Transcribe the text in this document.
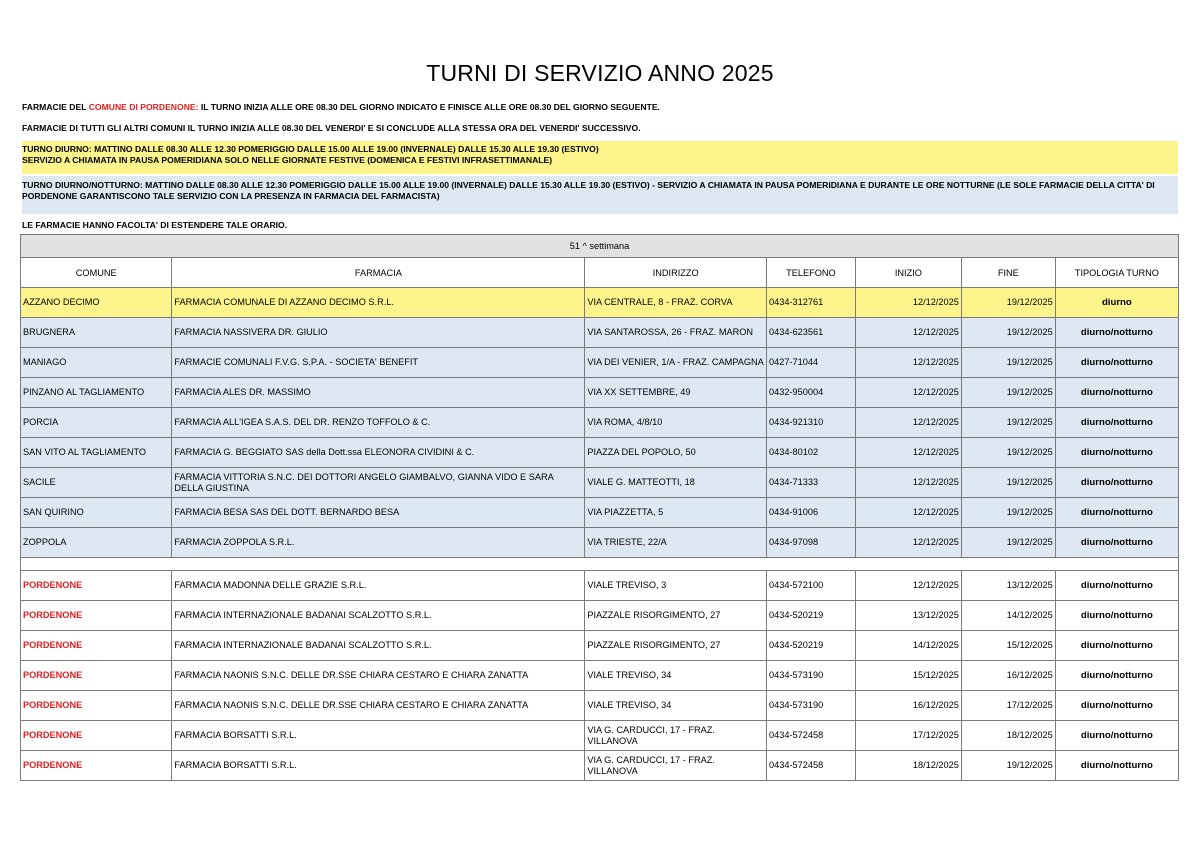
TURNI DI SERVIZIO ANNO 2025
FARMACIE DEL COMUNE DI PORDENONE: IL TURNO INIZIA ALLE ORE 08.30 DEL GIORNO INDICATO E FINISCE ALLE ORE 08.30 DEL GIORNO SEGUENTE.
FARMACIE DI TUTTI GLI ALTRI COMUNI IL TURNO INIZIA ALLE 08.30 DEL VENERDI' E SI CONCLUDE ALLA STESSA ORA DEL VENERDI' SUCCESSIVO.
TURNO DIURNO: MATTINO DALLE 08.30 ALLE 12.30 POMERIGGIO DALLE 15.00 ALLE 19.00 (INVERNALE) DALLE 15.30 ALLE 19.30 (ESTIVO)
SERVIZIO A CHIAMATA IN PAUSA POMERIDIANA SOLO NELLE GIORNATE FESTIVE (DOMENICA E FESTIVI INFRASETTIMANALE)
TURNO DIURNO/NOTTURNO: MATTINO DALLE 08.30 ALLE 12.30 POMERIGGIO DALLE 15.00 ALLE 19.00 (INVERNALE) DALLE 15.30 ALLE 19.30 (ESTIVO) - SERVIZIO A CHIAMATA IN PAUSA POMERIDIANA E DURANTE LE ORE NOTTURNE (LE SOLE FARMACIE DELLA CITTA' DI PORDENONE GARANTISCONO TALE SERVIZIO CON LA PRESENZA IN FARMACIA DEL FARMACISTA)
LE FARMACIE HANNO FACOLTA' DI ESTENDERE TALE ORARIO.
51 ^ settimana						
COMUNE	FARMACIA	INDIRIZZO	TELEFONO	INIZIO	FINE	TIPOLOGIA TURNO
AZZANO DECIMO	FARMACIA COMUNALE DI AZZANO DECIMO S.R.L.	VIA CENTRALE, 8 - FRAZ. CORVA	0434-312761	12/12/2025	19/12/2025	diurno
BRUGNERA	FARMACIA NASSIVERA DR. GIULIO	VIA SANTAROSSA, 26 - FRAZ. MARON	0434-623561	12/12/2025	19/12/2025	diurno/notturno
MANIAGO	FARMACIE COMUNALI F.V.G. S.P.A. - SOCIETA' BENEFIT	VIA DEI VENIER, 1/A - FRAZ. CAMPAGNA	0427-71044	12/12/2025	19/12/2025	diurno/notturno
PINZANO AL TAGLIAMENTO	FARMACIA ALES DR. MASSIMO	VIA XX SETTEMBRE, 49	0432-950004	12/12/2025	19/12/2025	diurno/notturno
PORCIA	FARMACIA ALL'IGEA S.A.S. DEL DR. RENZO TOFFOLO & C.	VIA ROMA, 4/8/10	0434-921310	12/12/2025	19/12/2025	diurno/notturno
SAN VITO AL TAGLIAMENTO	FARMACIA G. BEGGIATO SAS della Dott.ssa ELEONORA CIVIDINI & C.	PIAZZA DEL POPOLO, 50	0434-80102	12/12/2025	19/12/2025	diurno/notturno
SACILE	FARMACIA VITTORIA S.N.C. DEI DOTTORI ANGELO GIAMBALVO, GIANNA VIDO E SARA DELLA GIUSTINA	VIALE G. MATTEOTTI, 18	0434-71333	12/12/2025	19/12/2025	diurno/notturno
SAN QUIRINO	FARMACIA BESA SAS DEL DOTT. BERNARDO BESA	VIA PIAZZETTA, 5	0434-91006	12/12/2025	19/12/2025	diurno/notturno
ZOPPOLA	FARMACIA ZOPPOLA S.R.L.	VIA TRIESTE, 22/A	0434-97098	12/12/2025	19/12/2025	diurno/notturno

PORDENONE	FARMACIA MADONNA DELLE GRAZIE S.R.L.	VIALE TREVISO, 3	0434-572100	12/12/2025	13/12/2025	diurno/notturno
PORDENONE	FARMACIA INTERNAZIONALE BADANAI SCALZOTTO S.R.L.	PIAZZALE RISORGIMENTO, 27	0434-520219	13/12/2025	14/12/2025	diurno/notturno
PORDENONE	FARMACIA INTERNAZIONALE BADANAI SCALZOTTO S.R.L.	PIAZZALE RISORGIMENTO, 27	0434-520219	14/12/2025	15/12/2025	diurno/notturno
PORDENONE	FARMACIA NAONIS S.N.C. DELLE DR.SSE CHIARA CESTARO E CHIARA ZANATTA	VIALE TREVISO, 34	0434-573190	15/12/2025	16/12/2025	diurno/notturno
PORDENONE	FARMACIA NAONIS S.N.C. DELLE DR.SSE CHIARA CESTARO E CHIARA ZANATTA	VIALE TREVISO, 34	0434-573190	16/12/2025	17/12/2025	diurno/notturno
PORDENONE	FARMACIA BORSATTI S.R.L.	VIA G. CARDUCCI, 17 - FRAZ. VILLANOVA	0434-572458	17/12/2025	18/12/2025	diurno/notturno
PORDENONE	FARMACIA BORSATTI S.R.L.	VIA G. CARDUCCI, 17 - FRAZ. VILLANOVA	0434-572458	18/12/2025	19/12/2025	diurno/notturno
